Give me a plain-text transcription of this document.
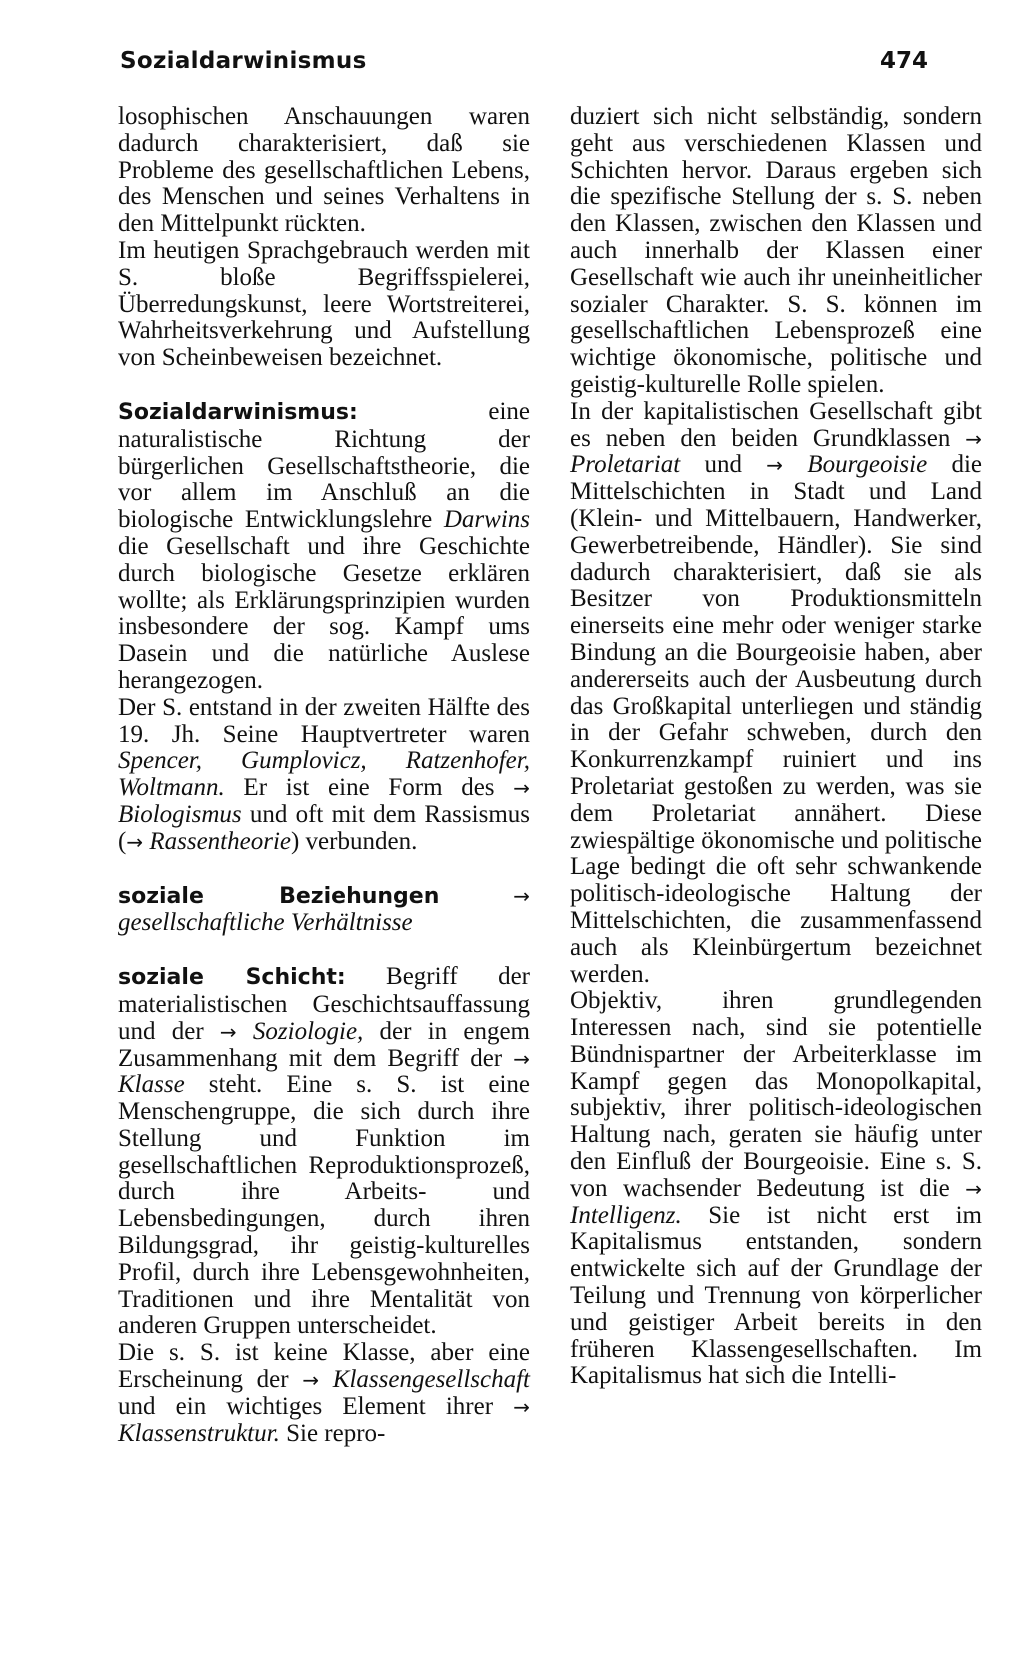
Sozialdarwinismus	474

losophischen Anschauungen waren dadurch charakterisiert, daß sie Probleme des gesellschaftlichen Lebens, des Menschen und seines Verhaltens in den Mittelpunkt rückten.

Im heutigen Sprachgebrauch werden mit S. bloße Begriffsspielerei, Überredungskunst, leere Wortstreiterei, Wahrheitsverkehrung und Aufstellung von Scheinbeweisen bezeichnet.

Sozialdarwinismus: eine naturalistische Richtung der bürgerlichen Gesellschaftstheorie, die vor allem im Anschluß an die biologische Entwicklungslehre Darwins die Gesellschaft und ihre Geschichte durch biologische Gesetze erklären wollte; als Erklärungsprinzipien wurden insbesondere der sog. Kampf ums Dasein und die natürliche Auslese herangezogen.

Der S. entstand in der zweiten Hälfte des 19. Jh. Seine Hauptvertreter waren Spencer, Gumplovicz, Ratzenhofer, Woltmann. Er ist eine Form des → Biologismus und oft mit dem Rassismus (→ Rassentheorie) verbunden.

soziale Beziehungen	→ gesellschaftliche Verhältnisse

soziale Schicht: Begriff der materialistischen Geschichtsauffassung und der → Soziologie, der in engem Zusammenhang mit dem Begriff der → Klasse steht. Eine s. S. ist eine Menschengruppe, die sich durch ihre Stellung und Funktion im gesellschaftlichen Reproduktionsprozeß, durch ihre Arbeits- und Lebensbedingungen, durch ihren Bildungsgrad, ihr geistig-kulturelles Profil, durch ihre Lebensgewohnheiten, Traditionen und ihre Mentalität von anderen Gruppen unterscheidet.

Die s. S. ist keine Klasse, aber eine Erscheinung der → Klassengesellschaft und ein wichtiges Element ihrer → Klassenstruktur. Sie repro-

duziert sich nicht selbständig, sondern geht aus verschiedenen Klassen und Schichten hervor. Daraus ergeben sich die spezifische Stellung der s. S. neben den Klassen, zwischen den Klassen und auch innerhalb der Klassen einer Gesellschaft wie auch ihr uneinheitlicher sozialer Charakter. S. S. können im gesellschaftlichen Lebensprozeß eine wichtige ökonomische, politische und geistig-kulturelle Rolle spielen.

In der kapitalistischen Gesellschaft gibt es neben den beiden Grundklassen → Proletariat und → Bourgeoisie die Mittelschichten in Stadt und Land (Klein- und Mittelbauern, Handwerker, Gewerbetreibende, Händler). Sie sind dadurch charakterisiert, daß sie als Besitzer von Produktionsmitteln einerseits eine mehr oder weniger starke Bindung an die Bourgeoisie haben, aber andererseits auch der Ausbeutung durch das Großkapital unterliegen und ständig in der Gefahr schweben, durch den Konkurrenzkampf ruiniert und ins Proletariat gestoßen zu werden, was sie dem Proletariat annähert. Diese zwiespältige ökonomische und politische Lage bedingt die oft sehr schwankende politisch-ideologische Haltung der Mittelschichten, die zusammenfassend auch als Kleinbürgertum bezeichnet werden.

Objektiv, ihren grundlegenden Interessen nach, sind sie potentielle Bündnispartner der Arbeiterklasse im Kampf gegen das Monopolkapital, subjektiv, ihrer politisch-ideologischen Haltung nach, geraten sie häufig unter den Einfluß der Bourgeoisie. Eine s. S. von wachsender Bedeutung ist die → Intelligenz. Sie ist nicht erst im Kapitalismus entstanden, sondern entwickelte sich auf der Grundlage der Teilung und Trennung von körperlicher und geistiger Arbeit bereits in den früheren Klassengesellschaften. Im Kapitalismus hat sich die Intelli-
